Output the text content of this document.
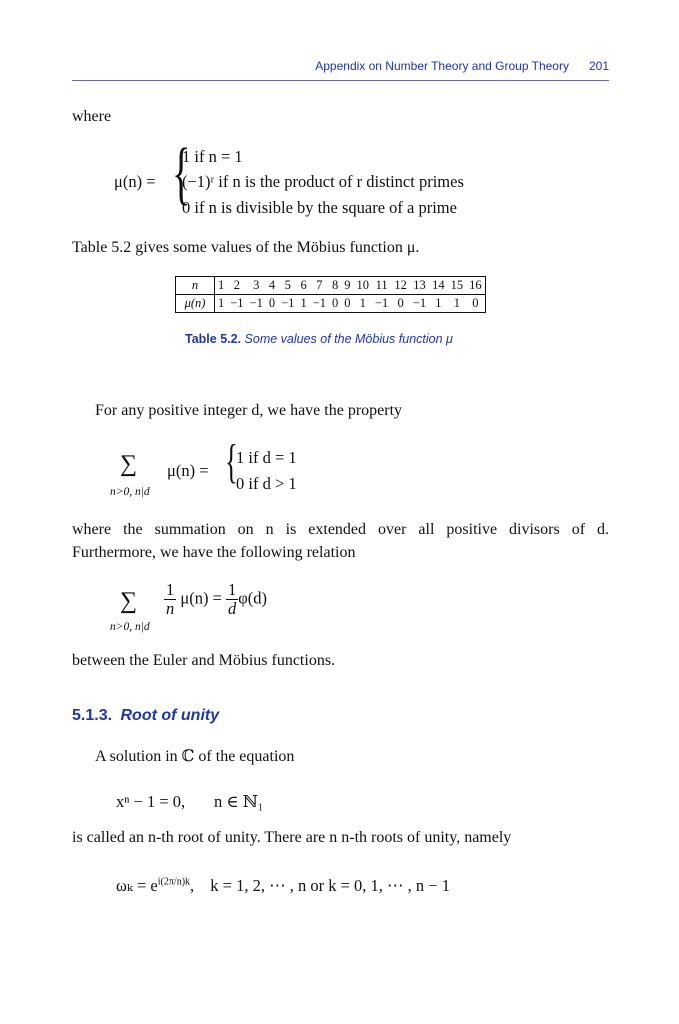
Appendix on Number Theory and Group Theory 201
where
μ(n) = {
1 if n = 1
(−1)ʳ if n is the product of r distinct primes
0 if n is divisible by the square of a prime
Table 5.2 gives some values of the Möbius function μ.
n	1	2	3	4	5	6	7	8	9	10	11	12	13	14	15	16
μ(n)	1	−1	−1	0	−1	1	−1	0	0	1	−1	0	−1	1	1	0
Table 5.2. Some values of the Möbius function μ
For any positive integer d, we have the property
∑
n>0, n|d
μ(n) = {
1 if d = 1
0 if d > 1
where the summation on n is extended over all positive divisors of d.
Furthermore, we have the following relation
∑
n>0, n|d
$\frac{1}{n} \mu(n) = \frac{1}{d} \varphi(d)$
between the Euler and Möbius functions.
5.1.3. Root of unity
A solution in ℂ of the equation
xⁿ − 1 = 0, n ∈ ℕ₁
is called an n-th root of unity. There are n n-th roots of unity, namely
$\omega_k = e^{i(2\pi/n)k}$, k = 1, 2, ⋯ , n or k = 0, 1, ⋯ , n − 1
